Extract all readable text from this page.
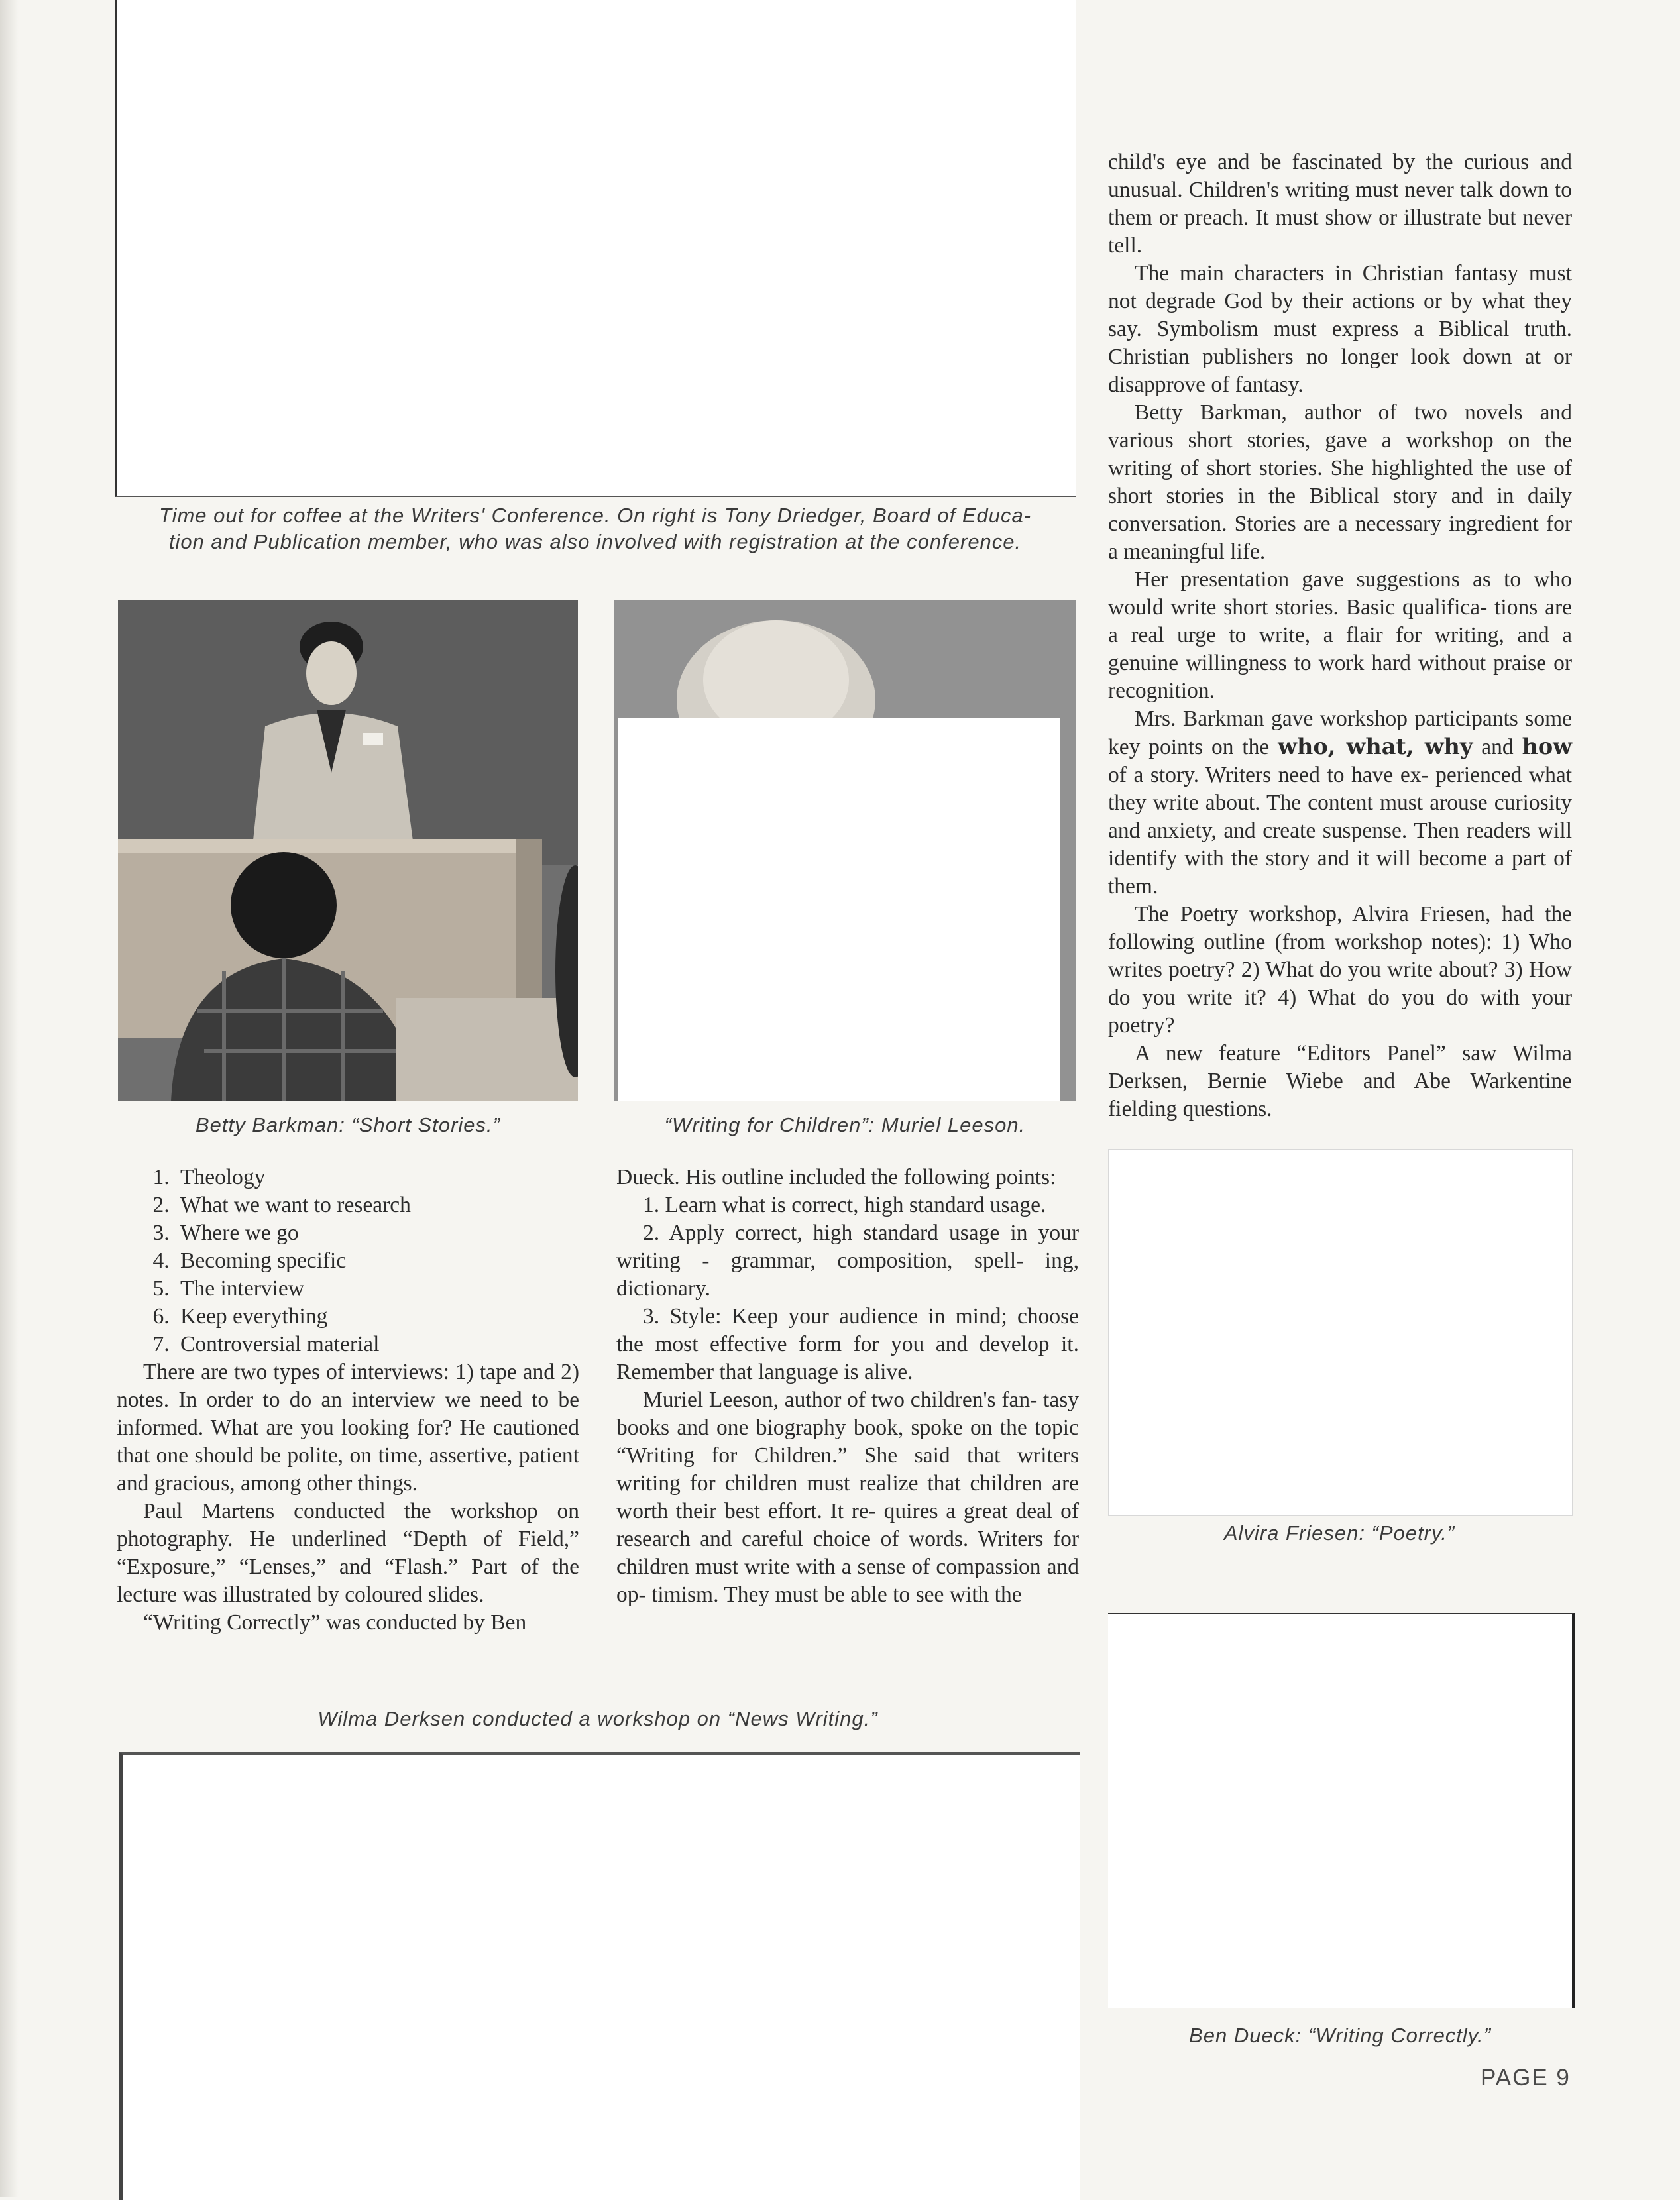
Time out for coffee at the Writers' Conference. On right is Tony Driedger, Board of Educa-
tion and Publication member, who was also involved with registration at the conference.
Betty Barkman: “Short Stories.”	“Writing for Children”: Muriel Leeson.
1. Theology
2. What we want to research
3. Where we go
4. Becoming specific
5. The interview
6. Keep everything
7. Controversial material

There are two types of interviews: 1) tape and 2) notes. In order to do an interview we need to be informed. What are you looking for? He cautioned that one should be polite, on time, assertive, patient and gracious, among other things.

Paul Martens conducted the workshop on photography. He underlined “Depth of Field,” “Exposure,” “Lenses,” and “Flash.” Part of the lecture was illustrated by coloured slides.

“Writing Correctly” was conducted by Ben

Dueck. His outline included the following points:

1. Learn what is correct, high standard usage.

2. Apply correct, high standard usage in your writing - grammar, composition, spell- ing, dictionary.

3. Style: Keep your audience in mind; choose the most effective form for you and develop it. Remember that language is alive.

Muriel Leeson, author of two children's fan- tasy books and one biography book, spoke on the topic “Writing for Children.” She said that writers writing for children must realize that children are worth their best effort. It re- quires a great deal of research and careful choice of words. Writers for children must write with a sense of compassion and op- timism. They must be able to see with the

child's eye and be fascinated by the curious and unusual. Children's writing must never talk down to them or preach. It must show or illustrate but never tell.

The main characters in Christian fantasy must not degrade God by their actions or by what they say. Symbolism must express a Biblical truth. Christian publishers no longer look down at or disapprove of fantasy.

Betty Barkman, author of two novels and various short stories, gave a workshop on the writing of short stories. She highlighted the use of short stories in the Biblical story and in daily conversation. Stories are a necessary ingredient for a meaningful life.

Her presentation gave suggestions as to who would write short stories. Basic qualifica- tions are a real urge to write, a flair for writing, and a genuine willingness to work hard without praise or recognition.

Mrs. Barkman gave workshop participants some key points on the who, what, why and how of a story. Writers need to have ex- perienced what they write about. The content must arouse curiosity and anxiety, and create suspense. Then readers will identify with the story and it will become a part of them.

The Poetry workshop, Alvira Friesen, had the following outline (from workshop notes): 1) Who writes poetry? 2) What do you write about? 3) How do you write it? 4) What do you do with your poetry?

A new feature “Editors Panel” saw Wilma Derksen, Bernie Wiebe and Abe Warkentine fielding questions.

Alvira Friesen: “Poetry.”
Ben Dueck: “Writing Correctly.”
PAGE 9
Wilma Derksen conducted a workshop on “News Writing.”
